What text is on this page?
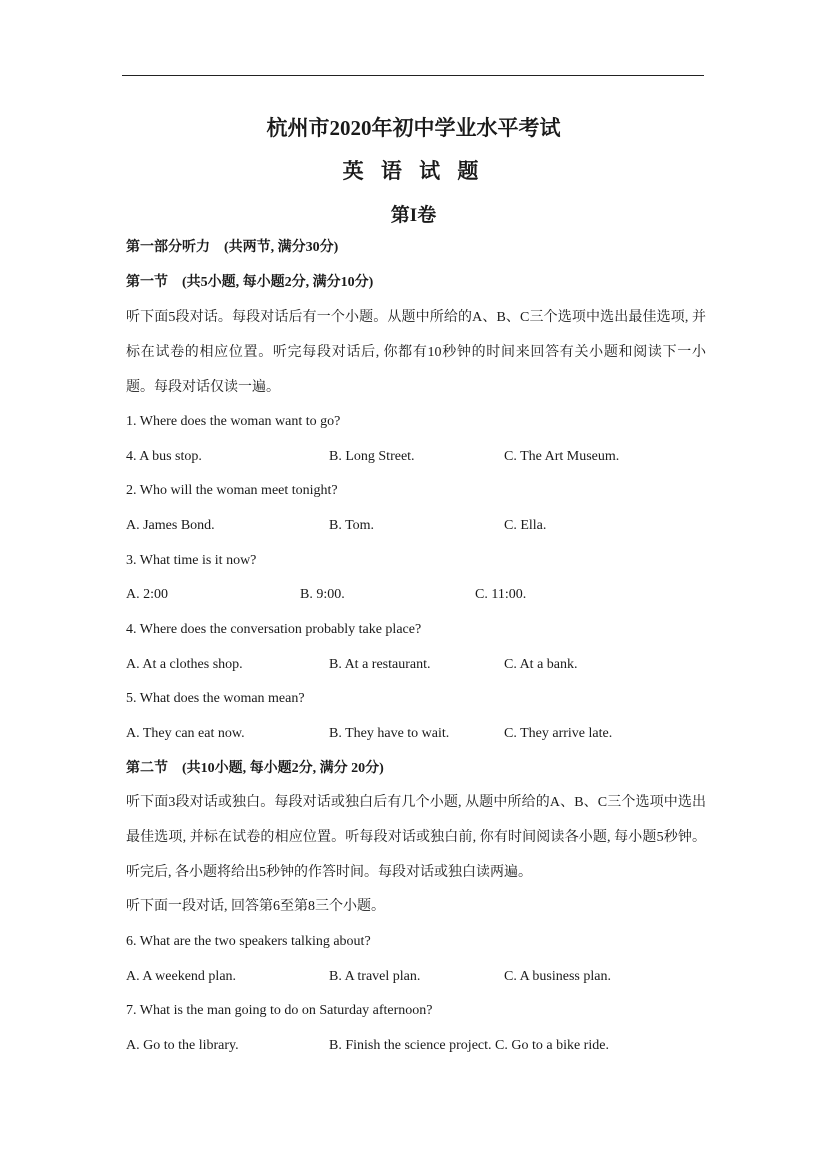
杭州市2020年初中学业水平考试
英 语 试 题
第I卷
第一部分听力　(共两节, 满分30分)
第一节　(共5小题, 每小题2分, 满分10分)
听下面5段对话。每段对话后有一个小题。从题中所给的A、B、C三个选项中选出最佳选项, 并标在试卷的相应位置。听完每段对话后, 你都有10秒钟的时间来回答有关小题和阅读下一小题。每段对话仅读一遍。
1. Where does the woman want to go?
4. A bus stop.	B. Long Street.	C. The Art Museum.
2. Who will the woman meet tonight?
A. James Bond.	B. Tom.	C. Ella.
3. What time is it now?
A. 2:00	B. 9:00.	C. 11:00.
4. Where does the conversation probably take place?
A. At a clothes shop.	B. At a restaurant.	C. At a bank.
5. What does the woman mean?
A. They can eat now.	B. They have to wait.	C. They arrive late.
第二节　(共10小题, 每小题2分, 满分 20分)
听下面3段对话或独白。每段对话或独白后有几个小题, 从题中所给的A、B、C三个选项中选出最佳选项, 并标在试卷的相应位置。听每段对话或独白前, 你有时间阅读各小题, 每小题5秒钟。听完后, 各小题将给出5秒钟的作答时间。每段对话或独白读两遍。
听下面一段对话, 回答第6至第8三个小题。
6. What are the two speakers talking about?
A. A weekend plan.	B. A travel plan.	C. A business plan.
7. What is the man going to do on Saturday afternoon?
A. Go to the library.	B. Finish the science project. C. Go to a bike ride.
